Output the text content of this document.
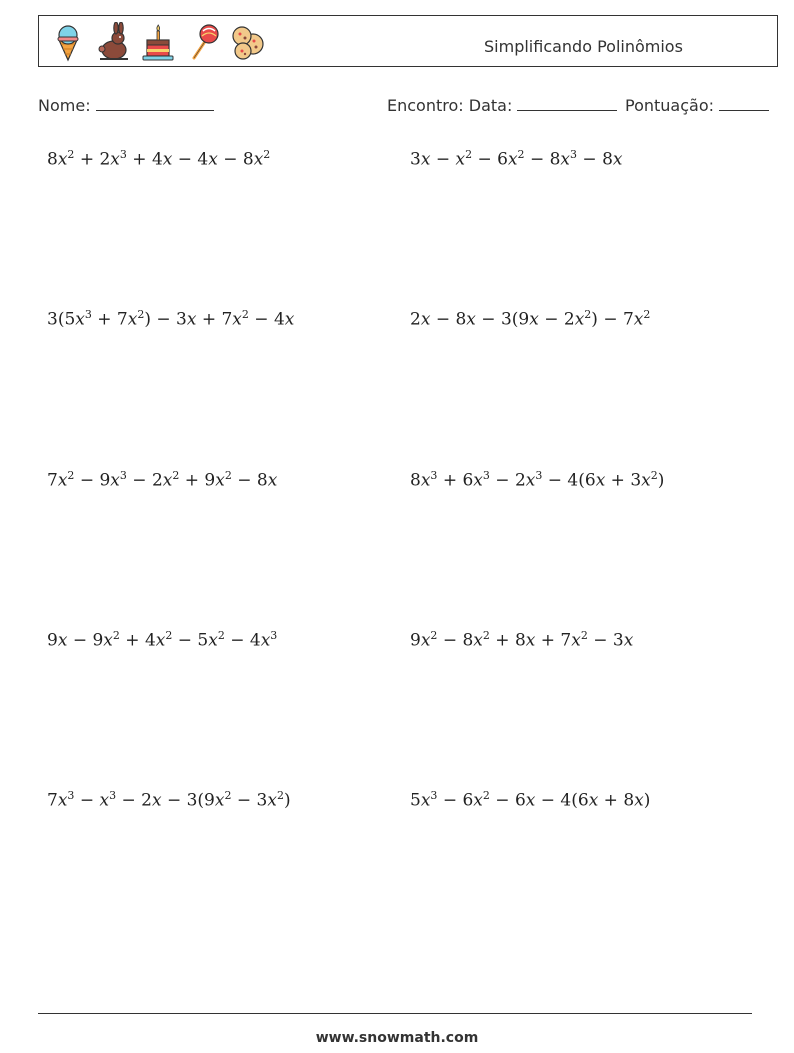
Simplificando Polinômios
Nome:	Encontro: Data:	Pontuação:
$8x^2 + 2x^3 + 4x - 4x - 8x^2$	$3x - x^2 - 6x^2 - 8x^3 - 8x$
$3(5x^3 + 7x^2) - 3x + 7x^2 - 4x$	$2x - 8x - 3(9x - 2x^2) - 7x^2$
$7x^2 - 9x^3 - 2x^2 + 9x^2 - 8x$	$8x^3 + 6x^3 - 2x^3 - 4(6x + 3x^2)$
$9x - 9x^2 + 4x^2 - 5x^2 - 4x^3$	$9x^2 - 8x^2 + 8x + 7x^2 - 3x$
$7x^3 - x^3 - 2x - 3(9x^2 - 3x^2)$	$5x^3 - 6x^2 - 6x - 4(6x + 8x)$
www.snowmath.com
